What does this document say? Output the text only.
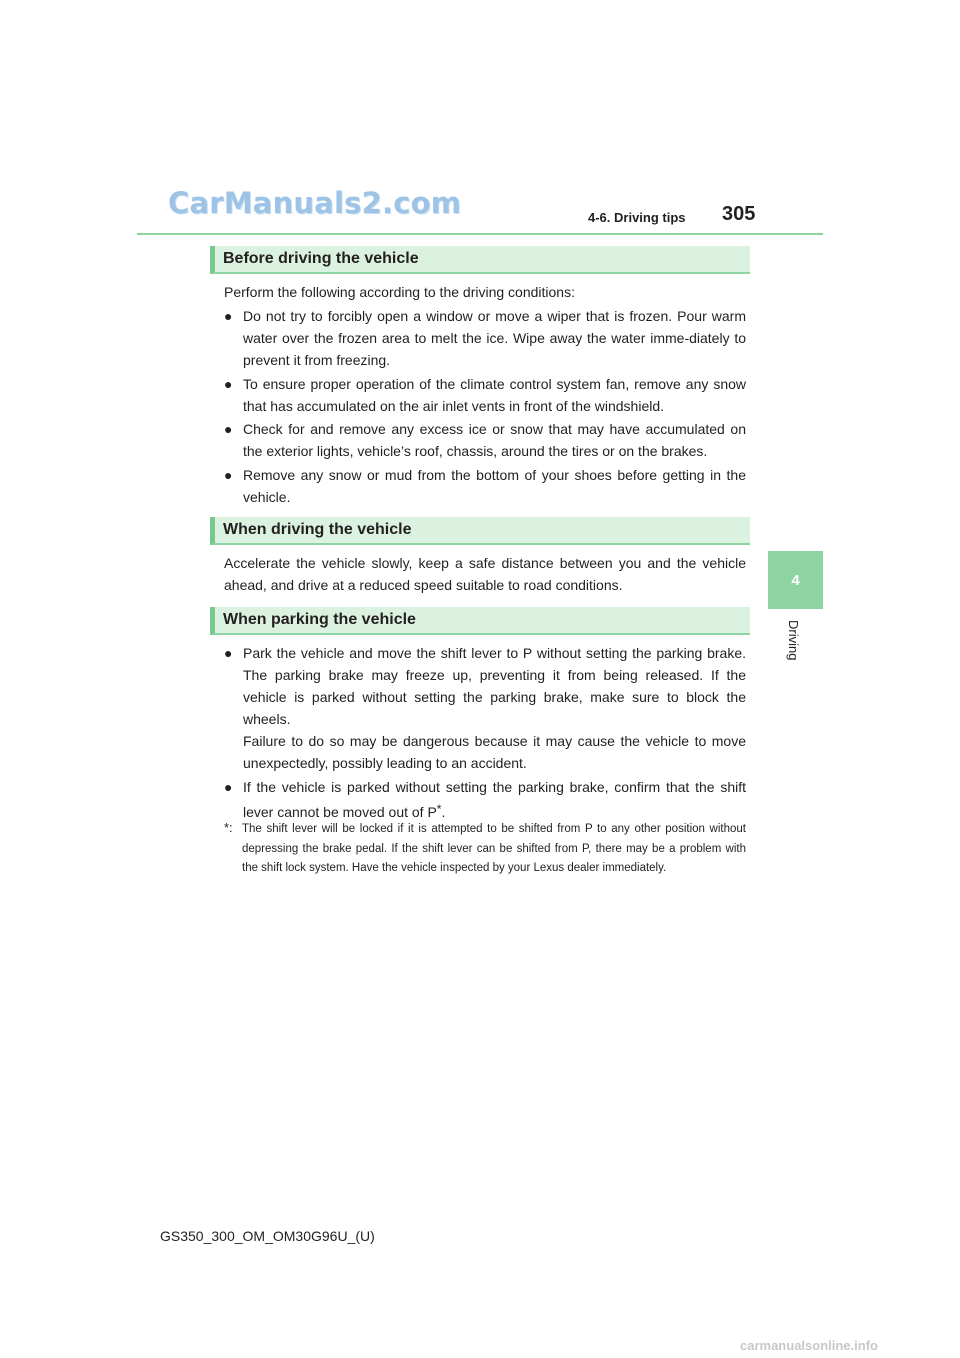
CarManuals2.com	4-6. Driving tips 305
4
Driving
Before driving the vehicle
Perform the following according to the driving conditions:
● Do not try to forcibly open a window or move a wiper that is frozen. Pour warm water over the frozen area to melt the ice. Wipe away the water imme-diately to prevent it from freezing.
● To ensure proper operation of the climate control system fan, remove any snow that has accumulated on the air inlet vents in front of the windshield.
● Check for and remove any excess ice or snow that may have accumulated on the exterior lights, vehicle’s roof, chassis, around the tires or on the brakes.
● Remove any snow or mud from the bottom of your shoes before getting in the vehicle.
When driving the vehicle
Accelerate the vehicle slowly, keep a safe distance between you and the vehicle ahead, and drive at a reduced speed suitable to road conditions.
When parking the vehicle
● Park the vehicle and move the shift lever to P without setting the parking brake. The parking brake may freeze up, preventing it from being released. If the vehicle is parked without setting the parking brake, make sure to block the wheels.
Failure to do so may be dangerous because it may cause the vehicle to move unexpectedly, possibly leading to an accident.
● If the vehicle is parked without setting the parking brake, confirm that the shift lever cannot be moved out of P*.
*: The shift lever will be locked if it is attempted to be shifted from P to any other position without depressing the brake pedal. If the shift lever can be shifted from P, there may be a problem with the shift lock system. Have the vehicle inspected by your Lexus dealer immediately.
GS350_300_OM_OM30G96U_(U)
carmanualsonline.info
